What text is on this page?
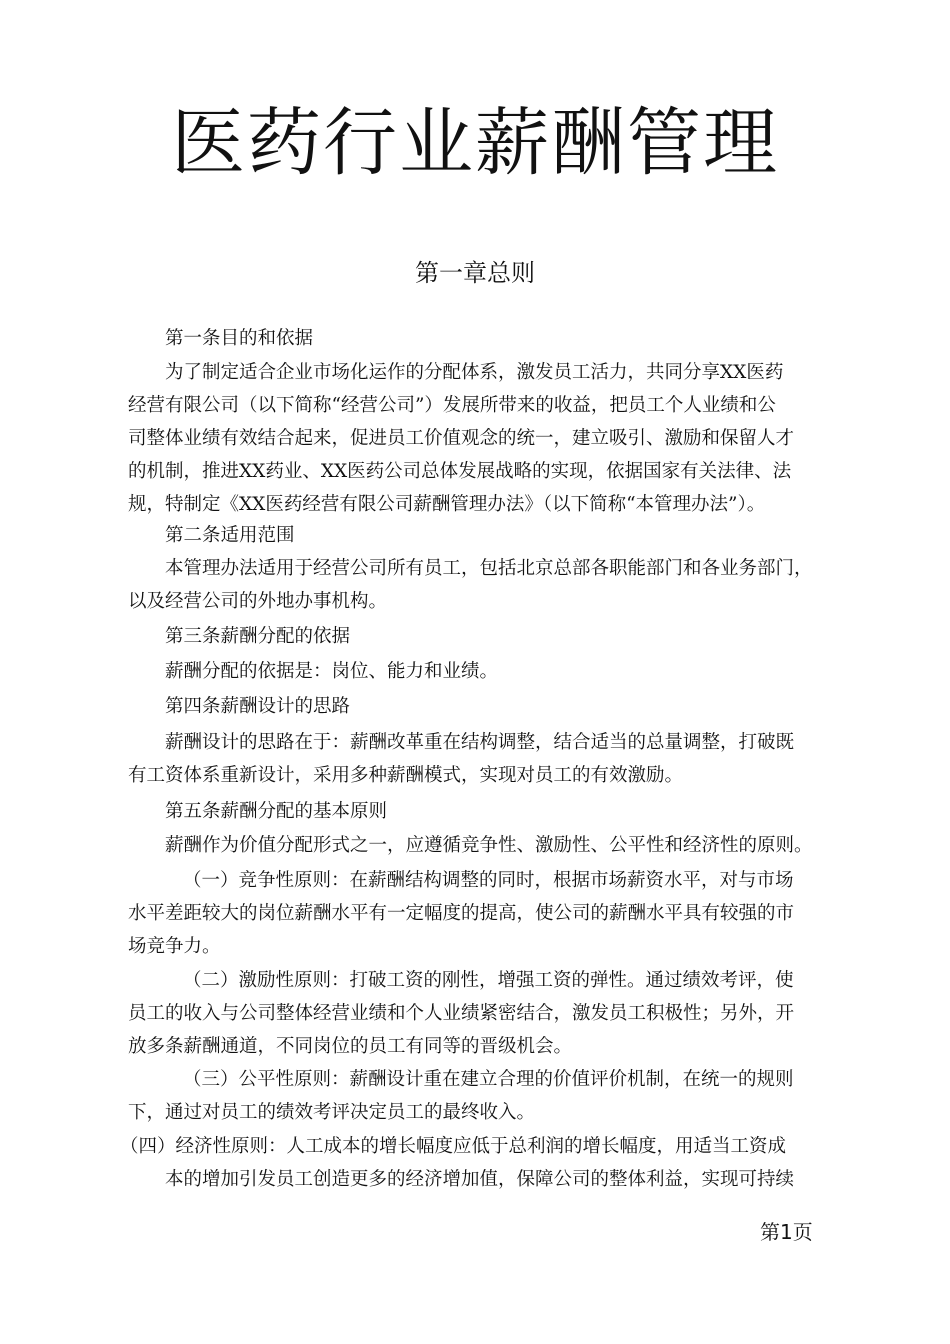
医药行业薪酬管理
第一章总则

第一条目的和依据

为了制定适合企业市场化运作的分配体系，激发员工活力，共同分享XX医药
经营有限公司（以下简称“经营公司”）发展所带来的收益，把员工个人业绩和公
司整体业绩有效结合起来，促进员工价值观念的统一，建立吸引、激励和保留人才
的机制，推进XX药业、XX医药公司总体发展战略的实现，依据国家有关法律、法
规，特制定《XX医药经营有限公司薪酬管理办法》（以下简称“本管理办法”）。

第二条适用范围

本管理办法适用于经营公司所有员工，包括北京总部各职能部门和各业务部门，
以及经营公司的外地办事机构。

第三条薪酬分配的依据

薪酬分配的依据是：岗位、能力和业绩。

第四条薪酬设计的思路

薪酬设计的思路在于：薪酬改革重在结构调整，结合适当的总量调整，打破既
有工资体系重新设计，采用多种薪酬模式，实现对员工的有效激励。

第五条薪酬分配的基本原则

薪酬作为价值分配形式之一，应遵循竞争性、激励性、公平性和经济性的原则。

（一）竞争性原则：在薪酬结构调整的同时，根据市场薪资水平，对与市场
水平差距较大的岗位薪酬水平有一定幅度的提高，使公司的薪酬水平具有较强的市
场竞争力。

（二）激励性原则：打破工资的刚性，增强工资的弹性。通过绩效考评，使
员工的收入与公司整体经营业绩和个人业绩紧密结合，激发员工积极性；另外，开
放多条薪酬通道，不同岗位的员工有同等的晋级机会。

（三）公平性原则：薪酬设计重在建立合理的价值评价机制，在统一的规则
下，通过对员工的绩效考评决定员工的最终收入。

（四）经济性原则：人工成本的增长幅度应低于总利润的增长幅度，用适当工资成
本的增加引发员工创造更多的经济增加值，保障公司的整体利益，实现可持续

第1页
